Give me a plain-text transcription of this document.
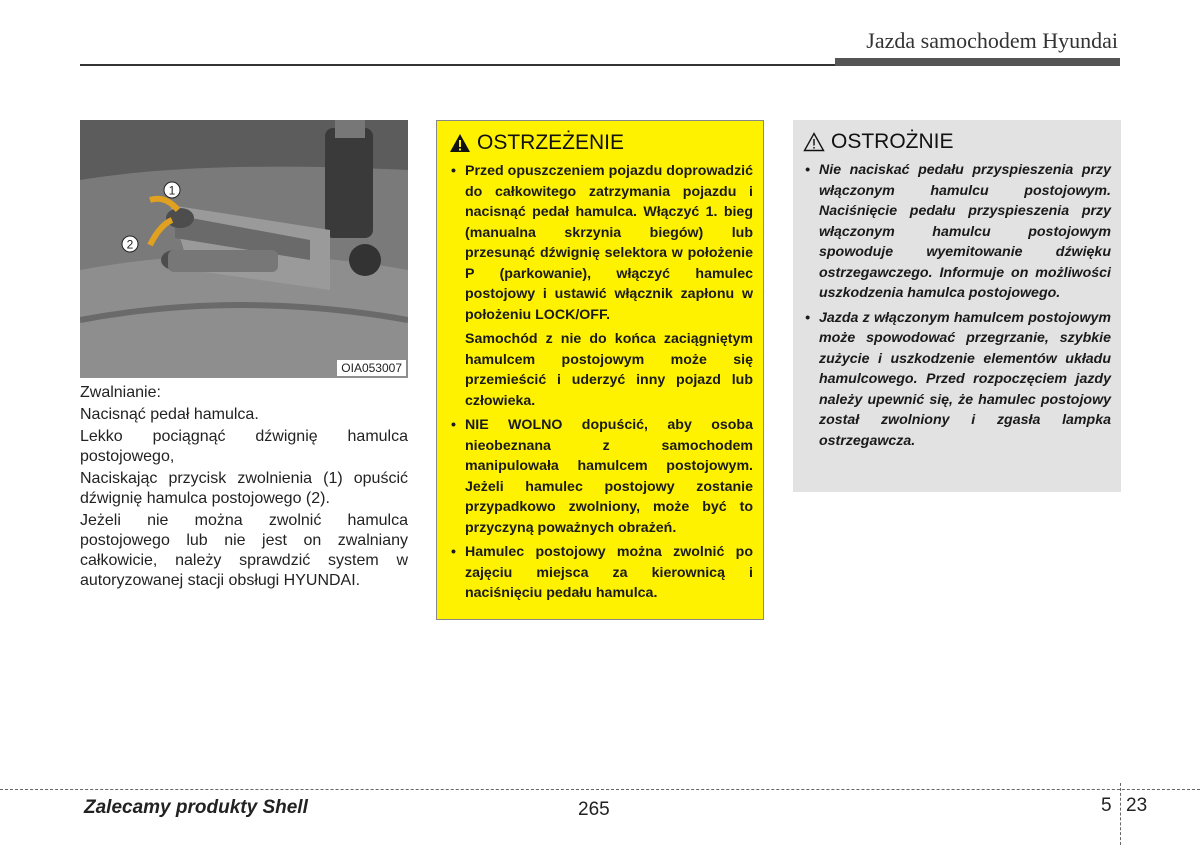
Jazda samochodem Hyundai
1
2
OIA053007

Zwalnianie:

Nacisnąć pedał hamulca.

Lekko pociągnąć dźwignię hamulca postojowego,

Naciskając przycisk zwolnienia (1) opuścić dźwignię hamulca postojowego (2).

Jeżeli nie można zwolnić hamulca postojowego lub nie jest on zwalniany całkowicie, należy sprawdzić system w autoryzowanej stacji obsługi HYUNDAI.

OSTRZEŻENIE
• Przed opuszczeniem pojazdu doprowadzić do całkowitego zatrzymania pojazdu i nacisnąć pedał hamulca. Włączyć 1. bieg (manualna skrzynia biegów) lub przesunąć dźwignię selektora w położenie P (parkowanie), włączyć hamulec postojowy i ustawić włącznik zapłonu w położeniu LOCK/OFF.

Samochód z nie do końca zaciągniętym hamulcem postojowym może się przemieścić i uderzyć inny pojazd lub człowieka.

• NIE WOLNO dopuścić, aby osoba nieobeznana z samochodem manipulowała hamulcem postojowym. Jeżeli hamulec postojowy zostanie przypadkowo zwolniony, może być to przyczyną poważnych obrażeń.
• Hamulec postojowy można zwolnić po zajęciu miejsca za kierownicą i naciśnięciu pedału hamulca.
OSTROŻNIE
• Nie naciskać pedału przyspieszenia przy włączonym hamulcu postojowym. Naciśnięcie pedału przyspieszenia przy włączonym hamulcu postojowym spowoduje wyemitowanie dźwięku ostrzegawczego. Informuje on możliwości uszkodzenia hamulca postojowego.
• Jazda z włączonym hamulcem postojowym może spowodować przegrzanie, szybkie zużycie i uszkodzenie elementów układu hamulcowego. Przed rozpoczęciem jazdy należy upewnić się, że hamulec postojowy został zwolniony i zgasła lampka ostrzegawcza.
Zalecamy produkty Shell	265	5 23
